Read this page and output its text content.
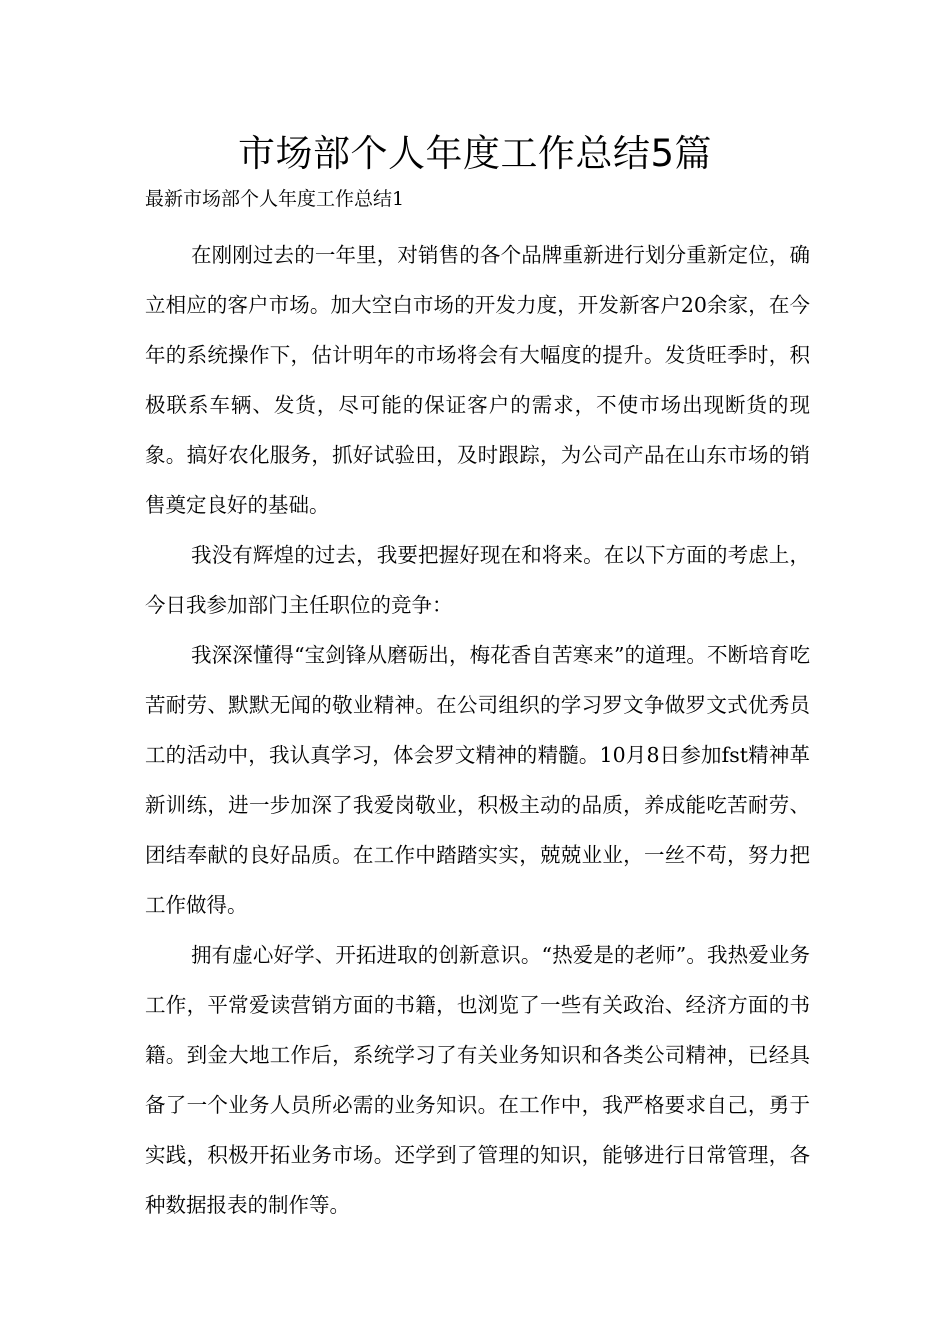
市场部个人年度工作总结5篇

最新市场部个人年度工作总结1

在刚刚过去的一年里，对销售的各个品牌重新进行划分重新定位，确立相应的客户市场。加大空白市场的开发力度，开发新客户20余家，在今年的系统操作下，估计明年的市场将会有大幅度的提升。发货旺季时，积极联系车辆、发货，尽可能的保证客户的需求，不使市场出现断货的现象。搞好农化服务，抓好试验田，及时跟踪，为公司产品在山东市场的销售奠定良好的基础。

我没有辉煌的过去，我要把握好现在和将来。在以下方面的考虑上，今日我参加部门主任职位的竞争：

我深深懂得“宝剑锋从磨砺出，梅花香自苦寒来”的道理。不断培育吃苦耐劳、默默无闻的敬业精神。在公司组织的学习罗文争做罗文式优秀员工的活动中，我认真学习，体会罗文精神的精髓。10月8日参加fst精神革新训练，进一步加深了我爱岗敬业，积极主动的品质，养成能吃苦耐劳、团结奉献的良好品质。在工作中踏踏实实，兢兢业业，一丝不苟，努力把工作做得。

拥有虚心好学、开拓进取的创新意识。“热爱是的老师”。我热爱业务工作，平常爱读营销方面的书籍，也浏览了一些有关政治、经济方面的书籍。到金大地工作后，系统学习了有关业务知识和各类公司精神，已经具备了一个业务人员所必需的业务知识。在工作中，我严格要求自己，勇于实践，积极开拓业务市场。还学到了管理的知识，能够进行日常管理，各种数据报表的制作等。
